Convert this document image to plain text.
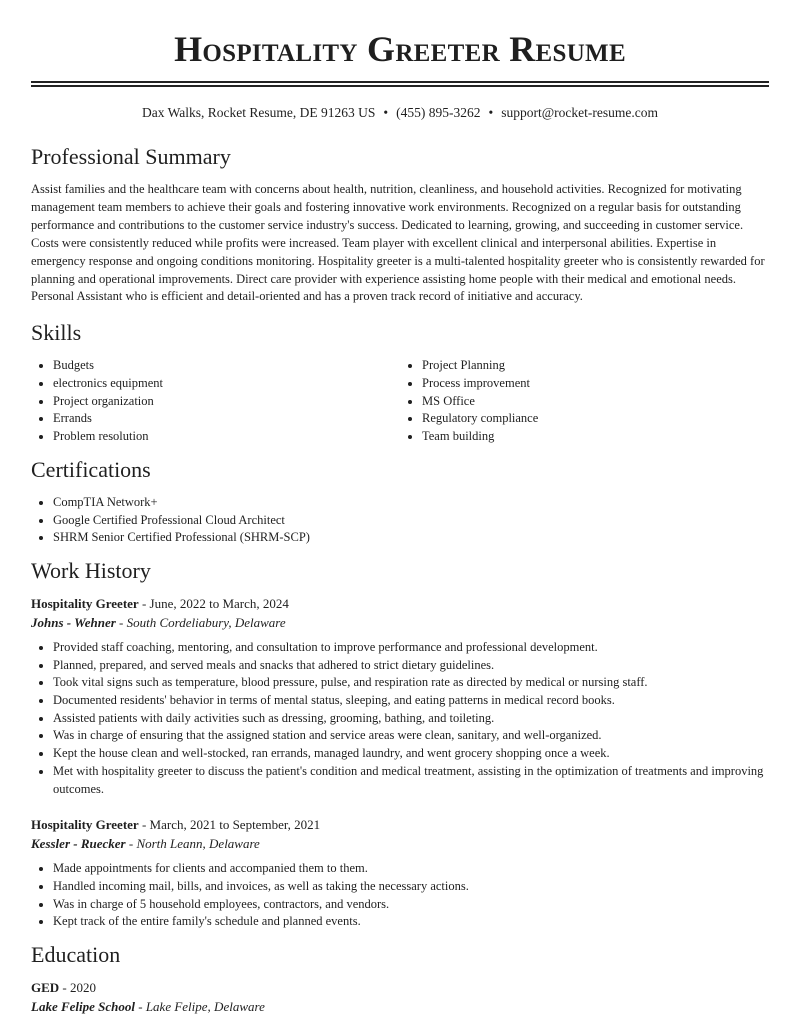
Hospitality Greeter Resume
Dax Walks, Rocket Resume, DE 91263 US • (455) 895-3262 • support@rocket-resume.com
Professional Summary

Assist families and the healthcare team with concerns about health, nutrition, cleanliness, and household activities. Recognized for motivating management team members to achieve their goals and fostering innovative work environments. Recognized on a regular basis for outstanding performance and contributions to the customer service industry's success. Dedicated to learning, growing, and succeeding in customer service. Costs were consistently reduced while profits were increased. Team player with excellent clinical and interpersonal abilities. Expertise in emergency response and ongoing conditions monitoring. Hospitality greeter is a multi-talented hospitality greeter who is consistently rewarded for planning and operational improvements. Direct care provider with experience assisting home people with their medical and emotional needs. Personal Assistant who is efficient and detail-oriented and has a proven track record of initiative and accuracy.

Skills
• Budgets
• electronics equipment
• Project organization
• Errands
• Problem resolution
• Project Planning
• Process improvement
• MS Office
• Regulatory compliance
• Team building
Certifications
• CompTIA Network+
• Google Certified Professional Cloud Architect
• SHRM Senior Certified Professional (SHRM-SCP)
Work History
Hospitality Greeter - June, 2022 to March, 2024
Johns - Wehner - South Cordeliabury, Delaware
• Provided staff coaching, mentoring, and consultation to improve performance and professional development.
• Planned, prepared, and served meals and snacks that adhered to strict dietary guidelines.
• Took vital signs such as temperature, blood pressure, pulse, and respiration rate as directed by medical or nursing staff.
• Documented residents' behavior in terms of mental status, sleeping, and eating patterns in medical record books.
• Assisted patients with daily activities such as dressing, grooming, bathing, and toileting.
• Was in charge of ensuring that the assigned station and service areas were clean, sanitary, and well-organized.
• Kept the house clean and well-stocked, ran errands, managed laundry, and went grocery shopping once a week.
• Met with hospitality greeter to discuss the patient's condition and medical treatment, assisting in the optimization of treatments and improving outcomes.
Hospitality Greeter - March, 2021 to September, 2021
Kessler - Ruecker - North Leann, Delaware
• Made appointments for clients and accompanied them to them.
• Handled incoming mail, bills, and invoices, as well as taking the necessary actions.
• Was in charge of 5 household employees, contractors, and vendors.
• Kept track of the entire family's schedule and planned events.
Education
GED - 2020
Lake Felipe School - Lake Felipe, Delaware
